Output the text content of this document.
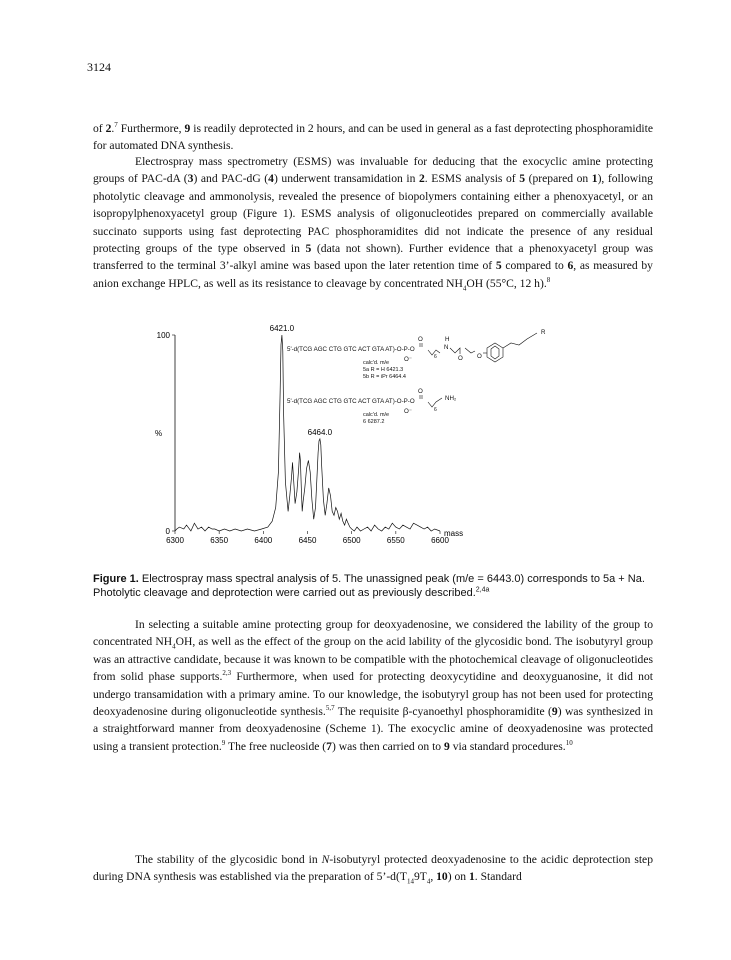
3124

of 2.$^7$ Furthermore, 9 is readily deprotected in 2 hours, and can be used in general as a fast deprotecting phosphoramidite for automated DNA synthesis.

Electrospray mass spectrometry (ESMS) was invaluable for deducing that the exocyclic amine protecting groups of PAC-dA (3) and PAC-dG (4) underwent transamidation in 2. ESMS analysis of 5 (prepared on 1), following photolytic cleavage and ammonolysis, revealed the presence of biopolymers containing either a phenoxyacetyl, or an isopropylphenoxyacetyl group (Figure 1). ESMS analysis of oligonucleotides prepared on commercially available succinato supports using fast deprotecting PAC phosphoramidites did not indicate the presence of any residual protecting groups of the type observed in 5 (data not shown). Further evidence that a phenoxyacetyl group was transferred to the terminal 3’-alkyl amine was based upon the later retention time of 5 compared to 6, as measured by anion exchange HPLC, as well as its resistance to cleavage by concentrated $NH_4OH$ (55°C, 12 h).$^8$

0
100
%
6300	6350	6400	6450	6500	6550	6600
mass
6421.0
6464.0
5'-d(TCG AGC CTG GTC ACT GTA AT)-O-P-O
O
O⁻	6
H
N
O O
R
calc'd. m/e
5a R = H 6421.3
5b R = iPr 6464.4
5'-d(TCG AGC CTG GTC ACT GTA AT)-O-P-O
O
O⁻
NH₂
6
calc'd. m/e
6 6287.2

Figure 1. Electrospray mass spectral analysis of 5. The unassigned peak (m/e = 6443.0) corresponds to 5a + Na. Photolytic cleavage and deprotection were carried out as previously described.$^{2,4a}$

In selecting a suitable amine protecting group for deoxyadenosine, we considered the lability of the group to concentrated $NH_4OH$, as well as the effect of the group on the acid lability of the glycosidic bond. The isobutyryl group was an attractive candidate, because it was known to be compatible with the photochemical cleavage of oligonucleotides from solid phase supports.$^{2,3}$ Furthermore, when used for protecting deoxycytidine and deoxyguanosine, it did not undergo transamidation with a primary amine. To our knowledge, the isobutyryl group has not been used for protecting deoxyadenosine during oligonucleotide synthesis.$^{5,7}$ The requisite β-cyanoethyl phosphoramidite (9) was synthesized in a straightforward manner from deoxyadenosine (Scheme 1). The exocyclic amine of deoxyadenosine was protected using a transient protection.$^9$ The free nucleoside (7) was then carried on to 9 via standard procedures.$^{10}$

The stability of the glycosidic bond in N-isobutyryl protected deoxyadenosine to the acidic deprotection step during DNA synthesis was established via the preparation of $5’-d(T_{14}9T_4$, 10) on 1. Standard
